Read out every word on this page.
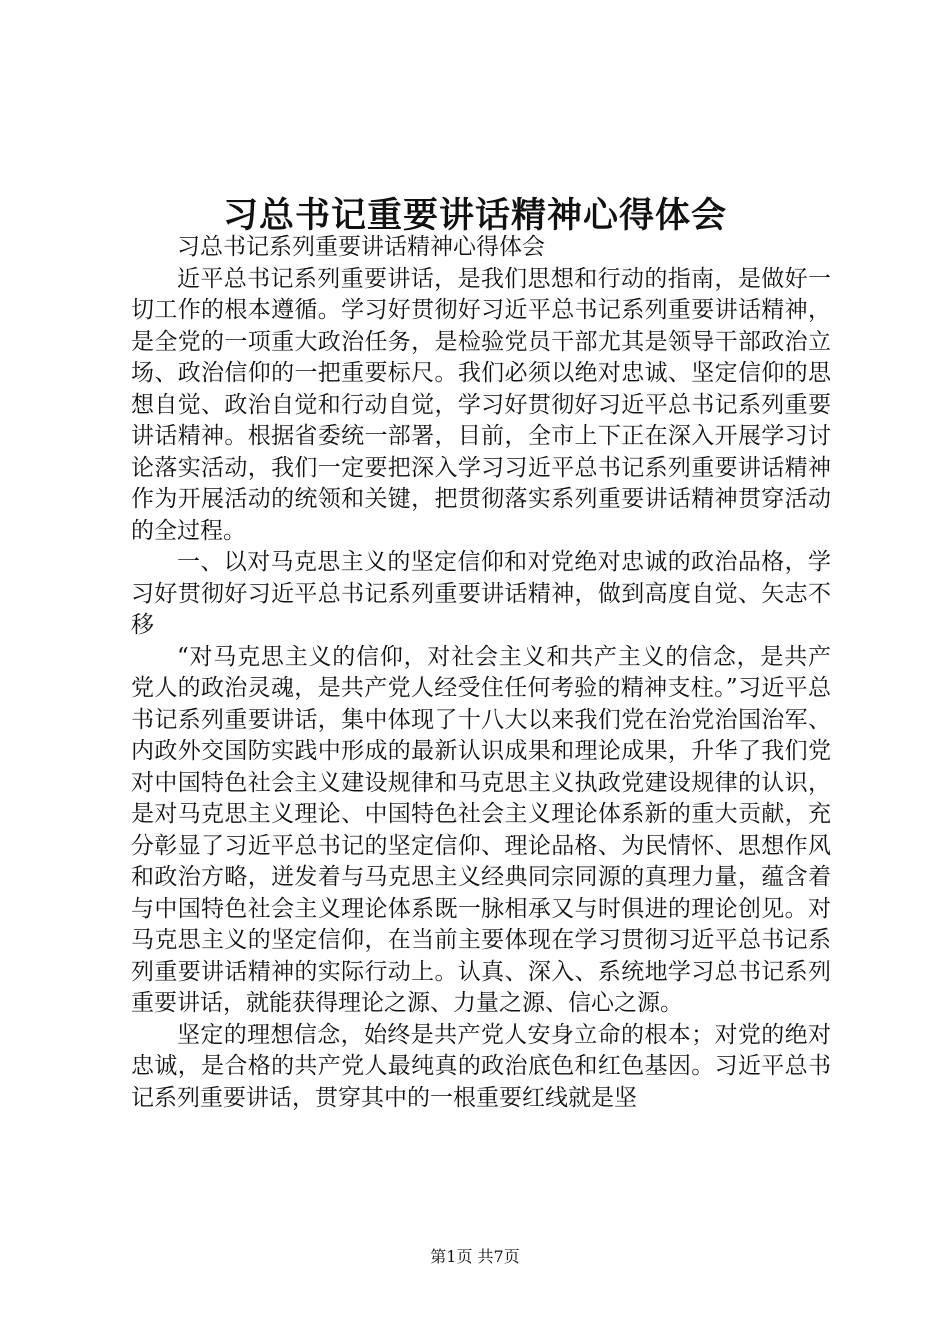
习总书记重要讲话精神心得体会

习总书记系列重要讲话精神心得体会

近平总书记系列重要讲话，是我们思想和行动的指南，是做好一切工作的根本遵循。学习好贯彻好习近平总书记系列重要讲话精神，是全党的一项重大政治任务，是检验党员干部尤其是领导干部政治立场、政治信仰的一把重要标尺。我们必须以绝对忠诚、坚定信仰的思想自觉、政治自觉和行动自觉，学习好贯彻好习近平总书记系列重要讲话精神。根据省委统一部署，目前，全市上下正在深入开展学习讨论落实活动，我们一定要把深入学习习近平总书记系列重要讲话精神作为开展活动的统领和关键，把贯彻落实系列重要讲话精神贯穿活动的全过程。

一、以对马克思主义的坚定信仰和对党绝对忠诚的政治品格，学习好贯彻好习近平总书记系列重要讲话精神，做到高度自觉、矢志不移

“对马克思主义的信仰，对社会主义和共产主义的信念，是共产党人的政治灵魂，是共产党人经受住任何考验的精神支柱。”习近平总书记系列重要讲话，集中体现了十八大以来我们党在治党治国治军、内政外交国防实践中形成的最新认识成果和理论成果，升华了我们党对中国特色社会主义建设规律和马克思主义执政党建设规律的认识，是对马克思主义理论、中国特色社会主义理论体系新的重大贡献，充分彰显了习近平总书记的坚定信仰、理论品格、为民情怀、思想作风和政治方略，迸发着与马克思主义经典同宗同源的真理力量，蕴含着与中国特色社会主义理论体系既一脉相承又与时俱进的理论创见。对马克思主义的坚定信仰，在当前主要体现在学习贯彻习近平总书记系列重要讲话精神的实际行动上。认真、深入、系统地学习总书记系列重要讲话，就能获得理论之源、力量之源、信心之源。

坚定的理想信念，始终是共产党人安身立命的根本；对党的绝对忠诚，是合格的共产党人最纯真的政治底色和红色基因。习近平总书记系列重要讲话，贯穿其中的一根重要红线就是坚

第1页 共7页
